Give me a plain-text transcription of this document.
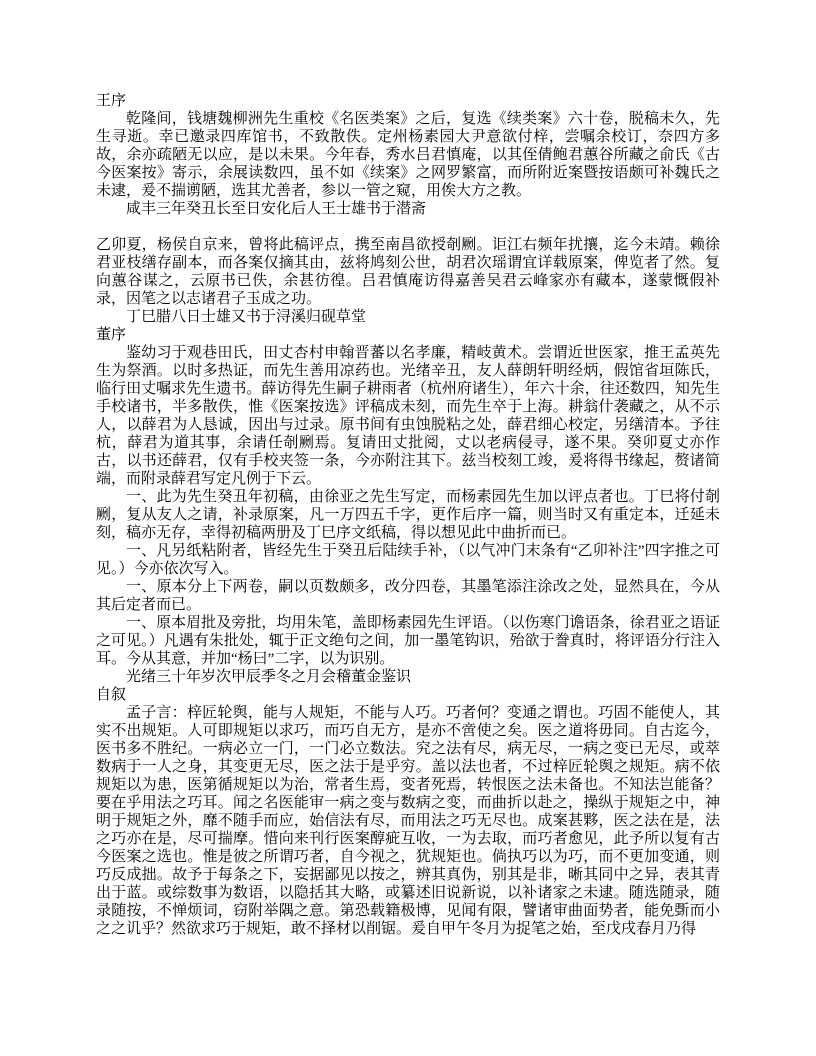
王序

乾隆间，钱塘魏柳洲先生重校《名医类案》之后，复选《续类案》六十卷，脱稿未久，先生寻逝。幸已邀录四库馆书，不致散佚。定州杨素园大尹意欲付梓，尝嘱余校订，奈四方多故，余亦疏陋无以应，是以未果。今年春，秀水吕君慎庵，以其侄倩鲍君蕙谷所藏之俞氏《古今医案按》寄示，余展读数四，虽不如《续案》之网罗繁富，而所附近案暨按语颇可补魏氏之未逮，爰不揣谫陋，选其尤善者，参以一管之窥，用俟大方之教。

咸丰三年癸丑长至日安化后人王士雄书于潜斋

乙卯夏，杨侯自京来，曾将此稿评点，携至南昌欲授剞劂。讵江右频年扰攘，迄今未靖。赖徐君亚枝缮存副本，而各案仅摘其由，兹将鸠刻公世，胡君次瑶谓宜详载原案，俾览者了然。复向蕙谷谋之，云原书已佚，余甚彷徨。吕君慎庵访得嘉善吴君云峰家亦有藏本，遂蒙慨假补录，因笔之以志诸君子玉成之功。

丁巳腊八日士雄又书于浔溪归砚草堂

董序

鉴幼习于观巷田氏，田丈杏村申翰晋蕃以名孝廉，精岐黄术。尝谓近世医家，推王孟英先生为祭酒。以时多热证，而先生善用凉药也。光绪辛丑，友人薛朗轩明经炳，假馆省垣陈氏，临行田丈嘱求先生遗书。薛访得先生嗣子耕雨者（杭州府诸生），年六十余，往还数四，知先生手校诸书，半多散佚，惟《医案按选》评稿成未刻，而先生卒于上海。耕翁什袭藏之，从不示人，以薛君为人恳诚，因出与过录。原书间有虫蚀脱粘之处，薛君细心校定，另缮清本。予往杭，薛君为道其事，余请任剞劂焉。复请田丈批阅，丈以老病侵寻，遂不果。癸卯夏丈亦作古，以书还薛君，仅有手校夹签一条，今亦附注其下。兹当校刻工竣，爰将得书缘起，赘诸简端，而附录薛君写定凡例于下云。

一、此为先生癸丑年初稿，由徐亚之先生写定，而杨素园先生加以评点者也。丁巳将付剞劂，复从友人之请，补录原案，凡一万四五千字，更作后序一篇，则当时又有重定本，迁延未刻，稿亦无存，幸得初稿两册及丁巳序文纸稿，得以想见此中曲折而已。

一、凡另纸粘附者，皆经先生于癸丑后陆续手补，（以气冲门末条有“乙卯补注”四字推之可见。）今亦依次写入。

一、原本分上下两卷，嗣以页数颇多，改分四卷，其墨笔添注涂改之处，显然具在，今从其后定者而已。

一、原本眉批及旁批，均用朱笔，盖即杨素园先生评语。（以伤寒门谵语条，徐君亚之语证之可见。）凡遇有朱批处，辄于正文绝句之间，加一墨笔钩识，殆欲于誊真时，将评语分行注入耳。今从其意，并加“杨曰”二字，以为识别。

光绪三十年岁次甲辰季冬之月会稽董金鉴识

自叙

孟子言：梓匠轮舆，能与人规矩，不能与人巧。巧者何？变通之谓也。巧固不能使人，其实不出规矩。人可即规矩以求巧，而巧自无方，是亦不啻使之矣。医之道将毋同。自古迄今，医书多不胜纪。一病必立一门，一门必立数法。究之法有尽，病无尽，一病之变已无尽，或萃数病于一人之身，其变更无尽，医之法于是乎穷。盖以法也者，不过梓匠轮舆之规矩。病不依规矩以为患，医第循规矩以为治，常者生焉，变者死焉，转恨医之法未备也。不知法岂能备？要在乎用法之巧耳。闻之名医能审一病之变与数病之变，而曲折以赴之，操纵于规矩之中，神明于规矩之外，靡不随手而应，始信法有尽，而用法之巧无尽也。成案甚夥，医之法在是，法之巧亦在是，尽可揣摩。惜向来刊行医案醇疵互收，一为去取，而巧者愈见，此予所以复有古今医案之选也。惟是彼之所谓巧者，自今视之，犹规矩也。倘执巧以为巧，而不更加变通，则巧反成拙。故予于每条之下，妄据鄙见以按之，辨其真伪，别其是非，晰其同中之异，表其青出于蓝。或综数事为数语，以隐括其大略，或纂述旧说新说，以补诸家之未逮。随选随录，随录随按，不惮烦词，窃附举隅之意。第恐载籍极博，见闻有限，譬诸审曲面势者，能免斲而小之之讥乎？然欲求巧于规矩，敢不择材以削锯。爰自甲午冬月为捉笔之始，至戊戌春月乃得
